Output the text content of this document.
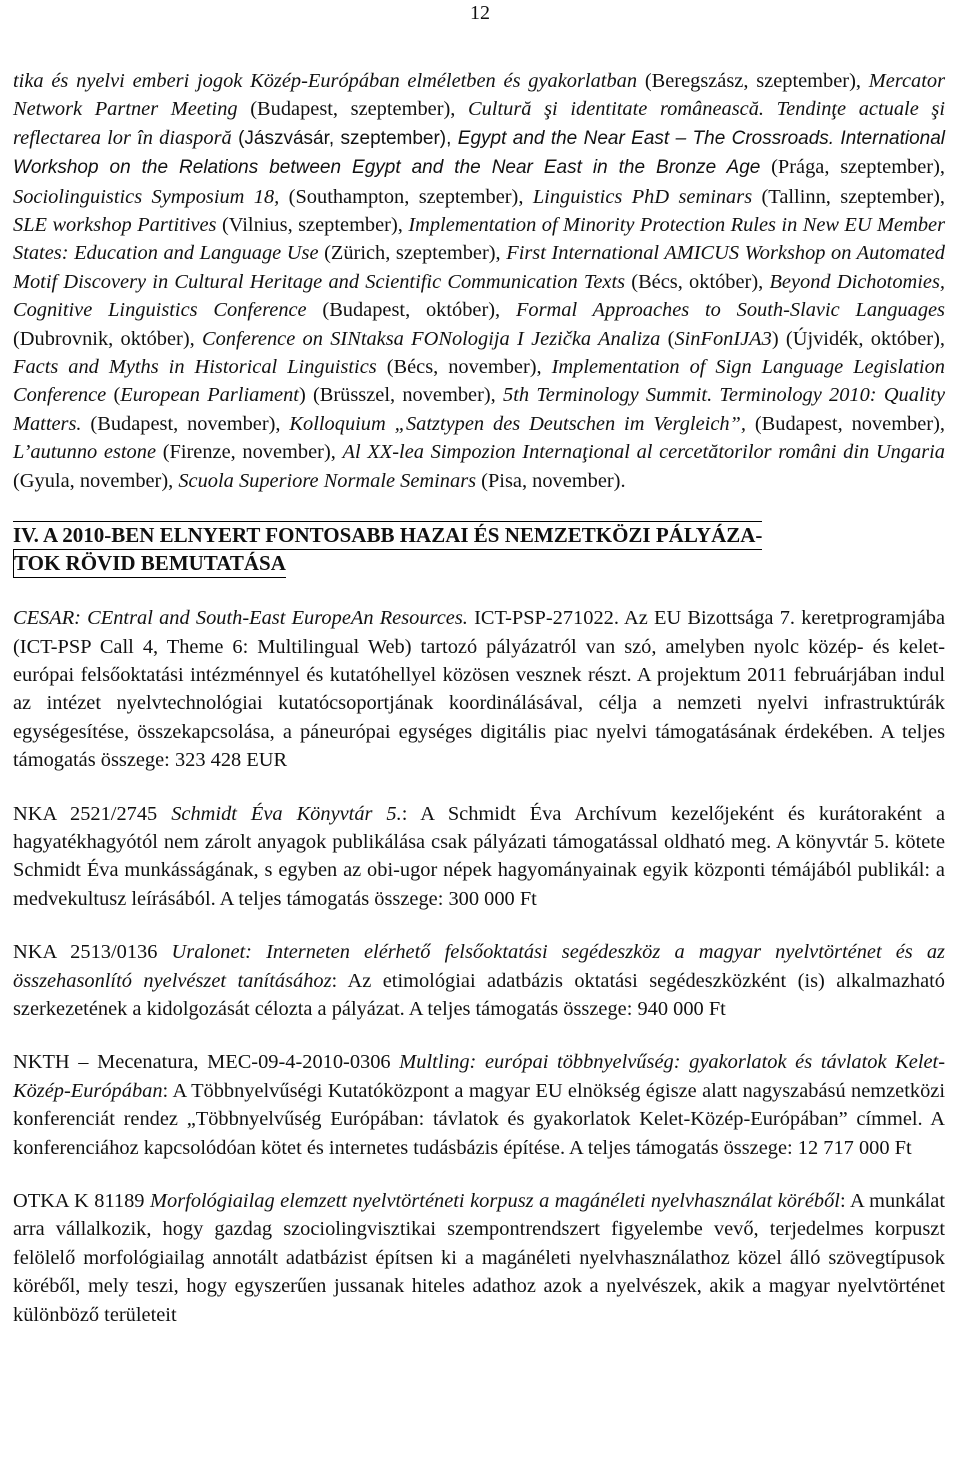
12

tika és nyelvi emberi jogok Közép-Európában elméletben és gyakorlatban (Beregszász, szeptember), Mercator Network Partner Meeting (Budapest, szeptember), Cultură şi identitate românească. Tendinţe actuale şi reflectarea lor în diasporă (Jászvásár, szeptember), Egypt and the Near East – The Crossroads. International Workshop on the Relations between Egypt and the Near East in the Bronze Age (Prága, szeptember), Sociolinguistics Symposium 18, (Southampton, szeptember), Linguistics PhD seminars (Tallinn, szeptember), SLE workshop Partitives (Vilnius, szeptember), Implementation of Minority Protection Rules in New EU Member States: Education and Language Use (Zürich, szeptember), First International AMICUS Workshop on Automated Motif Discovery in Cultural Heritage and Scientific Communication Texts (Bécs, október), Beyond Dichotomies, Cognitive Linguistics Conference (Budapest, október), Formal Approaches to South-Slavic Languages (Dubrovnik, október), Conference on SINtaksa FONologija I Jezička Analiza (SinFonIJA3) (Újvidék, október), Facts and Myths in Historical Linguistics (Bécs, november), Implementation of Sign Language Legislation Conference (European Parliament) (Brüsszel, november), 5th Terminology Summit. Terminology 2010: Quality Matters. (Budapest, november), Kolloquium „Satztypen des Deutschen im Vergleich”, (Budapest, november), L’autunno estone (Firenze, november), Al XX-lea Simpozion Internaţional al cercetătorilor români din Ungaria (Gyula, november), Scuola Superiore Normale Seminars (Pisa, november).

IV. A 2010-BEN ELNYERT FONTOSABB HAZAI ÉS NEMZETKÖZI PÁLYÁZA-
TOK RÖVID BEMUTATÁSA

CESAR: CEntral and South-East EuropeAn Resources. ICT-PSP-271022. Az EU Bizottsága 7. keretprogramjába (ICT-PSP Call 4, Theme 6: Multilingual Web) tartozó pályázatról van szó, amelyben nyolc közép- és kelet-európai felsőoktatási intézménnyel és kutatóhellyel közösen vesznek részt. A projektum 2011 februárjában indul az intézet nyelvtechnológiai kutatócsoportjának koordinálásával, célja a nemzeti nyelvi infrastruktúrák egységesítése, összekapcsolása, a páneurópai egységes digitális piac nyelvi támogatásának érdekében. A teljes támogatás összege: 323 428 EUR

NKA 2521/2745 Schmidt Éva Könyvtár 5.: A Schmidt Éva Archívum kezelőjeként és kurátoraként a hagyatékhagyótól nem zárolt anyagok publikálása csak pályázati támogatással oldható meg. A könyvtár 5. kötete Schmidt Éva munkásságának, s egyben az obi-ugor népek hagyományainak egyik központi témájából publikál: a medvekultusz leírásából. A teljes támogatás összege: 300 000 Ft

NKA 2513/0136 Uralonet: Interneten elérhető felsőoktatási segédeszköz a magyar nyelvtörténet és az összehasonlító nyelvészet tanításához: Az etimológiai adatbázis oktatási segédeszközként (is) alkalmazható szerkezetének a kidolgozását célozta a pályázat. A teljes támogatás összege: 940 000 Ft

NKTH – Mecenatura, MEC-09-4-2010-0306 Multling: európai többnyelvűség: gyakorlatok és távlatok Kelet-Közép-Európában: A Többnyelvűségi Kutatóközpont a magyar EU elnökség égisze alatt nagyszabású nemzetközi konferenciát rendez „Többnyelvűség Európában: távlatok és gyakorlatok Kelet-Közép-Európában” címmel. A konferenciához kapcsolódóan kötet és internetes tudásbázis építése. A teljes támogatás összege: 12 717 000 Ft

OTKA K 81189 Morfológiailag elemzett nyelvtörténeti korpusz a magánéleti nyelvhasználat köréből: A munkálat arra vállalkozik, hogy gazdag szociolingvisztikai szempontrendszert figyelembe vevő, terjedelmes korpuszt felölelő morfológiailag annotált adatbázist építsen ki a magánéleti nyelvhasználathoz közel álló szövegtípusok köréből, mely teszi, hogy egyszerűen jussanak hiteles adathoz azok a nyelvészek, akik a magyar nyelvtörténet különböző területeit
